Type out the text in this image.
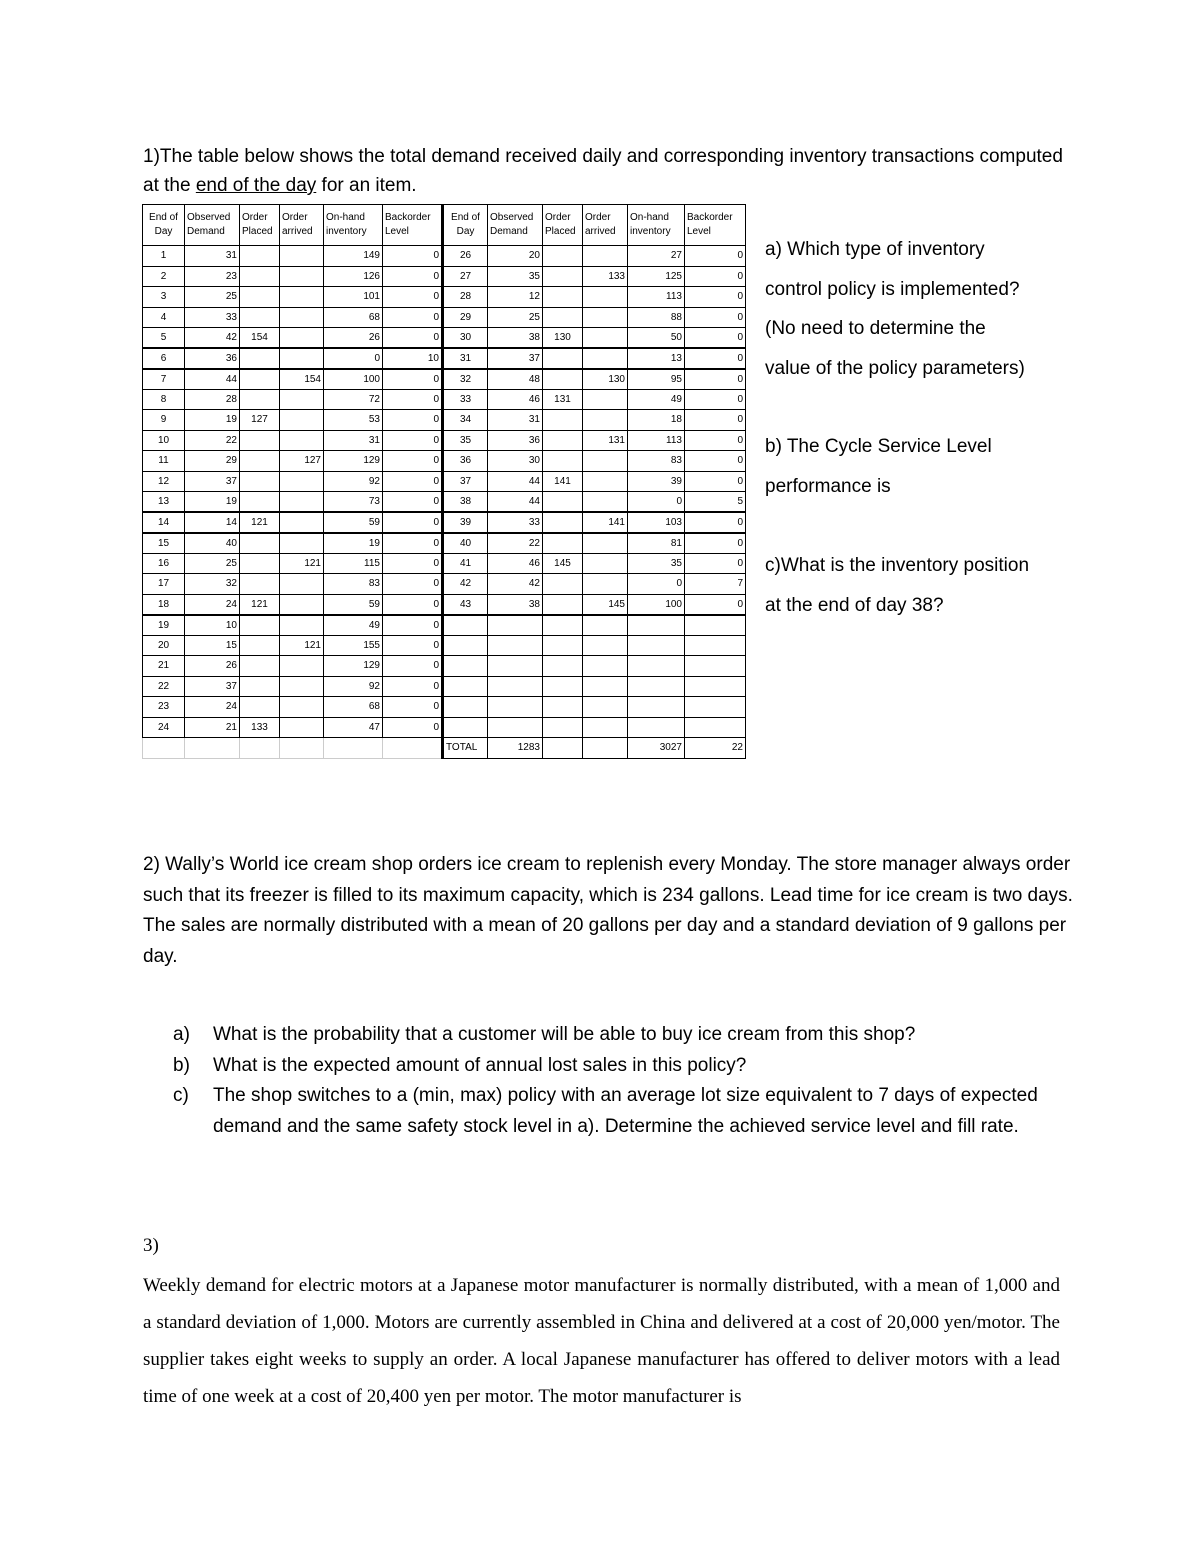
1)The table below shows the total demand received daily and corresponding inventory transactions computed at the end of the day for an item.
End of Day	Observed Demand	Order Placed	Order arrived	On-hand inventory	Backorder Level	End of Day	Observed Demand	Order Placed	Order arrived	On-hand inventory	Backorder Level
1	31			149	0	26	20			27	0
2	23			126	0	27	35		133	125	0
3	25			101	0	28	12			113	0
4	33			68	0	29	25			88	0
5	42	154		26	0	30	38	130		50	0
6	36			0	10	31	37			13	0
7	44		154	100	0	32	48		130	95	0
8	28			72	0	33	46	131		49	0
9	19	127		53	0	34	31			18	0
10	22			31	0	35	36		131	113	0
11	29		127	129	0	36	30			83	0
12	37			92	0	37	44	141		39	0
13	19			73	0	38	44			0	5
14	14	121		59	0	39	33		141	103	0
15	40			19	0	40	22			81	0
16	25		121	115	0	41	46	145		35	0
17	32			83	0	42	42			0	7
18	24	121		59	0	43	38		145	100	0
19	10			49	0						
20	15		121	155	0						
21	26			129	0						
22	37			92	0						
23	24			68	0						
24	21	133		47	0						
						TOTAL	1283			3027	22
a) Which type of inventory
control policy is implemented?
(No need to determine the
value of the policy parameters)
b) The Cycle Service Level
performance is
c)What is the inventory position
at the end of day 38?
2) Wally’s World ice cream shop orders ice cream to replenish every Monday. The store manager always order such that its freezer is filled to its maximum capacity, which is 234 gallons. Lead time for ice cream is two days. The sales are normally distributed with a mean of 20 gallons per day and a standard deviation of 9 gallons per day.
a) What is the probability that a customer will be able to buy ice cream from this shop?
b) What is the expected amount of annual lost sales in this policy?
c) The shop switches to a (min, max) policy with an average lot size equivalent to 7 days of expected demand and the same safety stock level in a). Determine the achieved service level and fill rate.
3)
Weekly demand for electric motors at a Japanese motor manufacturer is normally distributed, with a mean of 1,000 and a standard deviation of 1,000. Motors are currently assembled in China and delivered at a cost of 20,000 yen/motor. The supplier takes eight weeks to supply an order. A local Japanese manufacturer has offered to deliver motors with a lead time of one week at a cost of 20,400 yen per motor. The motor manufacturer is
